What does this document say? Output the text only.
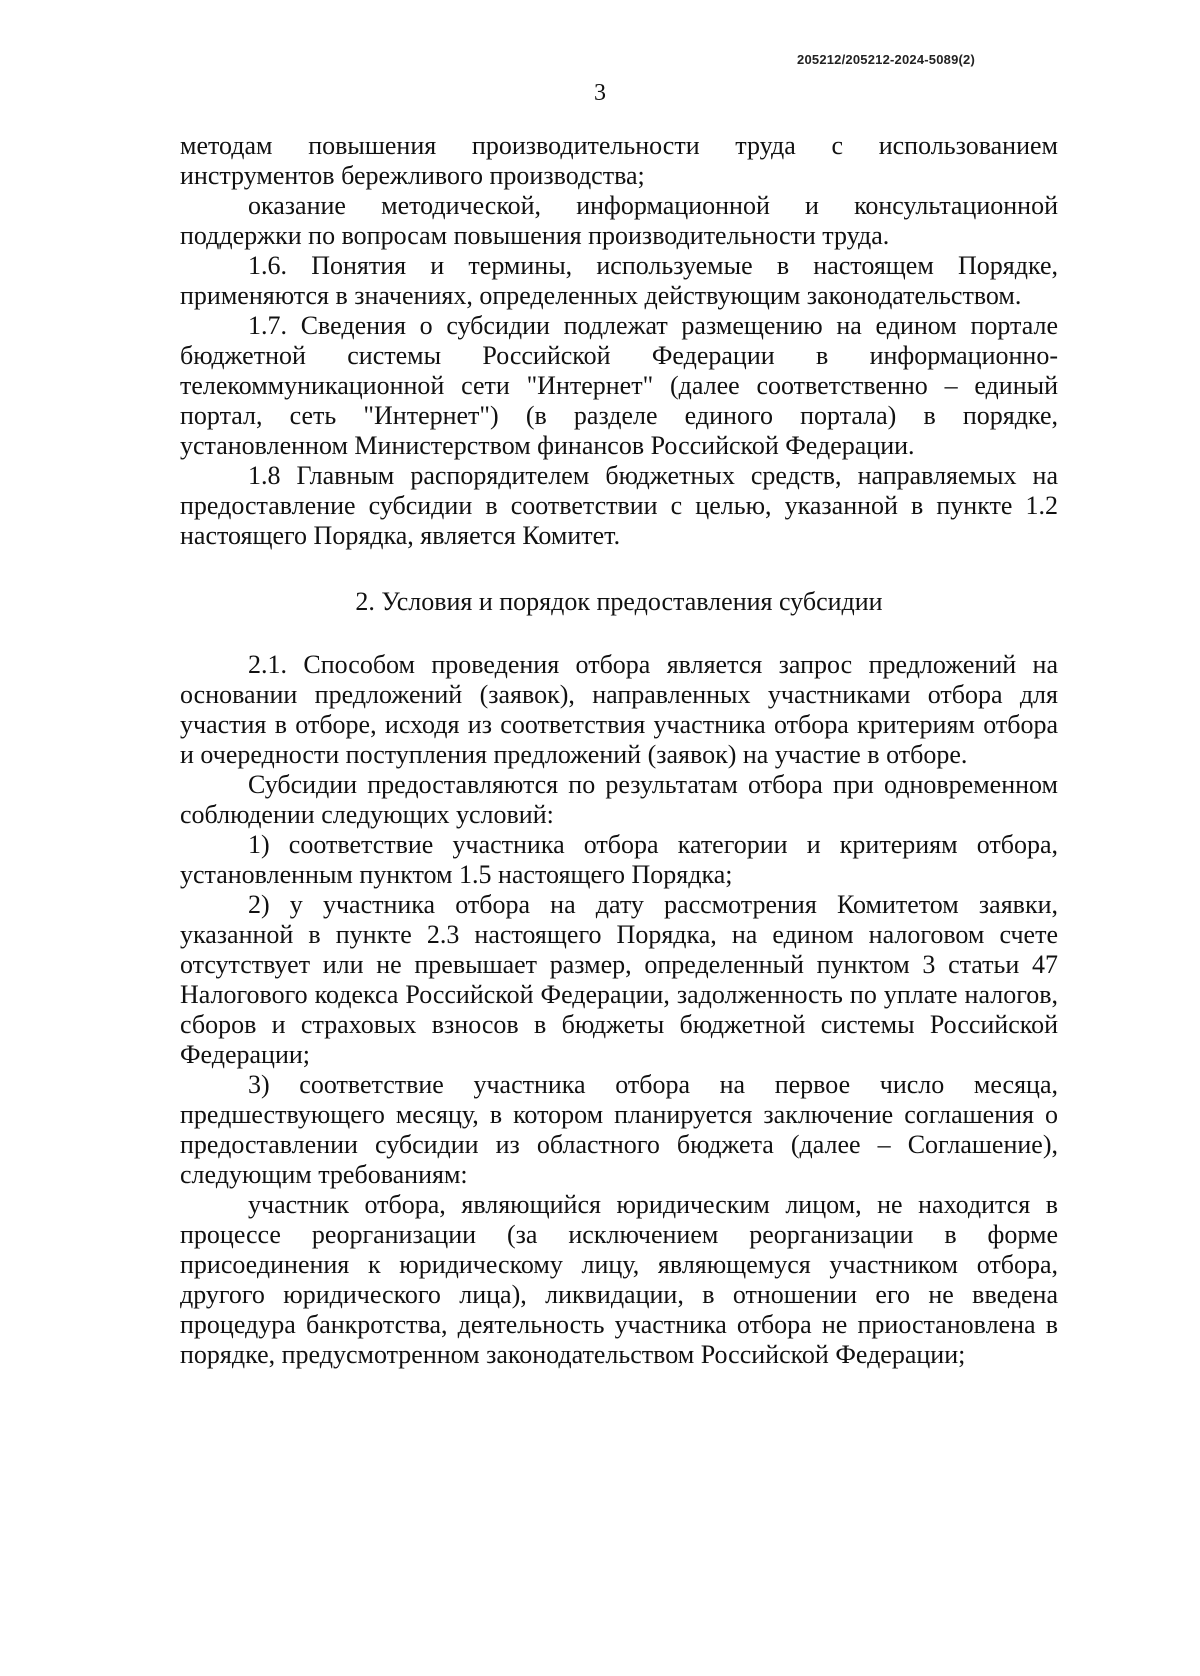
205212/205212-2024-5089(2)
3

методам повышения производительности труда с использованием инструментов бережливого производства;

оказание методической, информационной и консультационной поддержки по вопросам повышения производительности труда.

1.6. Понятия и термины, используемые в настоящем Порядке, применяются в значениях, определенных действующим законодательством.

1.7. Сведения о субсидии подлежат размещению на едином портале бюджетной системы Российской Федерации в информационно-телекоммуникационной сети "Интернет" (далее соответственно – единый портал, сеть "Интернет") (в разделе единого портала) в порядке, установленном Министерством финансов Российской Федерации.

1.8 Главным распорядителем бюджетных средств, направляемых на предоставление субсидии в соответствии с целью, указанной в пункте 1.2 настоящего Порядка, является Комитет.

2. Условия и порядок предоставления субсидии

2.1. Способом проведения отбора является запрос предложений на основании предложений (заявок), направленных участниками отбора для участия в отборе, исходя из соответствия участника отбора критериям отбора и очередности поступления предложений (заявок) на участие в отборе.

Субсидии предоставляются по результатам отбора при одновременном соблюдении следующих условий:

1) соответствие участника отбора категории и критериям отбора, установленным пунктом 1.5 настоящего Порядка;

2) у участника отбора на дату рассмотрения Комитетом заявки, указанной в пункте 2.3 настоящего Порядка, на едином налоговом счете отсутствует или не превышает размер, определенный пунктом 3 статьи 47 Налогового кодекса Российской Федерации, задолженность по уплате налогов, сборов и страховых взносов в бюджеты бюджетной системы Российской Федерации;

3) соответствие участника отбора на первое число месяца, предшествующего месяцу, в котором планируется заключение соглашения о предоставлении субсидии из областного бюджета (далее – Соглашение), следующим требованиям:

участник отбора, являющийся юридическим лицом, не находится в процессе реорганизации (за исключением реорганизации в форме присоединения к юридическому лицу, являющемуся участником отбора, другого юридического лица), ликвидации, в отношении его не введена процедура банкротства, деятельность участника отбора не приостановлена в порядке, предусмотренном законодательством Российской Федерации;
